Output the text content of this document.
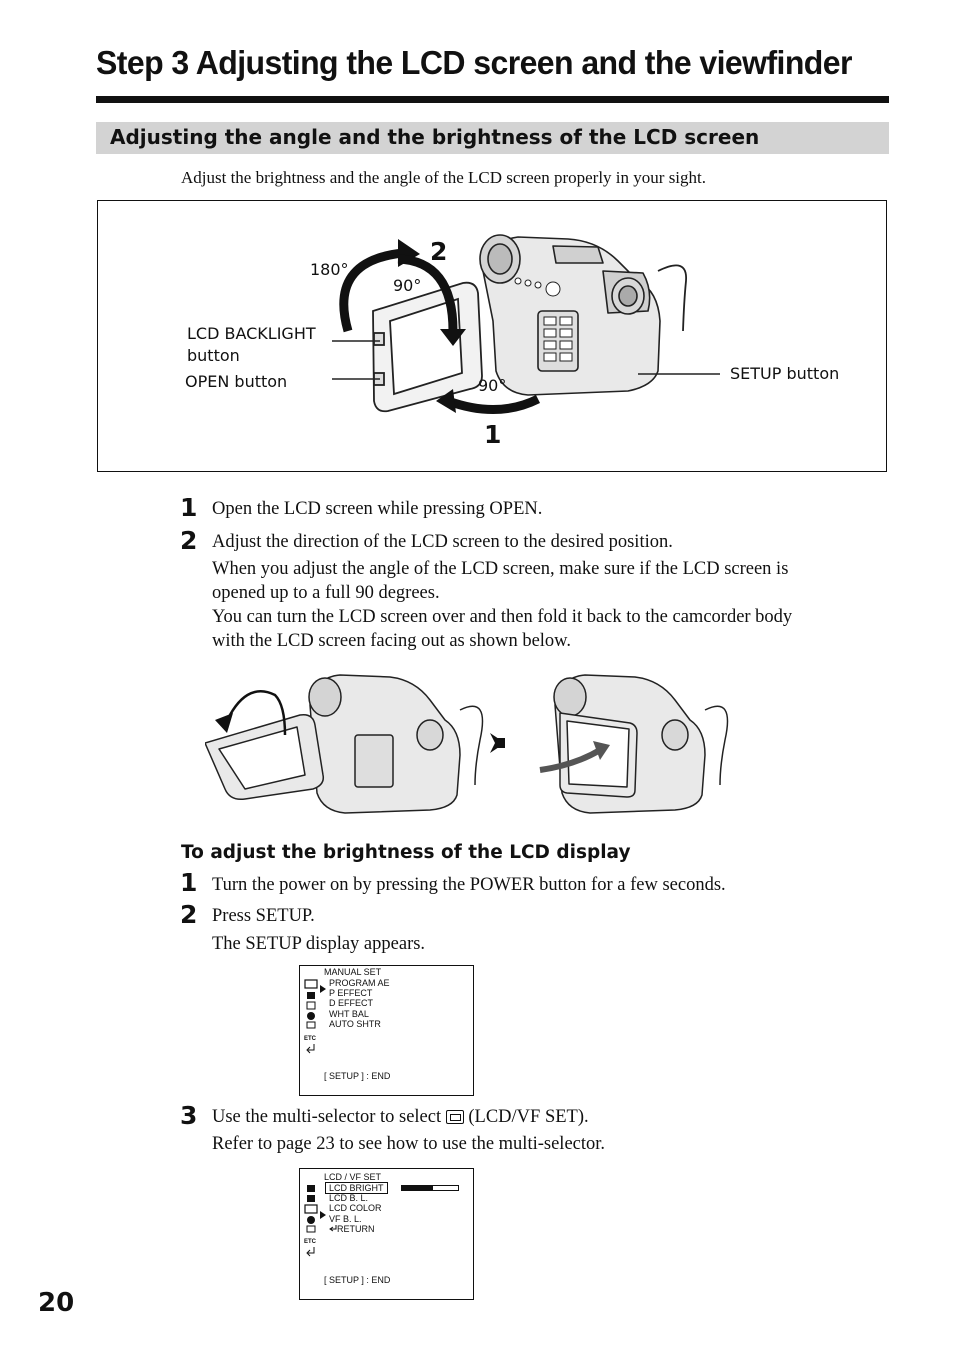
Step 3 Adjusting the LCD screen and the viewfinder
Adjusting the angle and the brightness of the LCD screen
Adjust the brightness and the angle of the LCD screen properly in your sight.
180°
90°
90°
2
1
LCD BACKLIGHT
button
OPEN button	SETUP button
1 Open the LCD screen while pressing OPEN.
2 Adjust the direction of the LCD screen to the desired position.
When you adjust the angle of the LCD screen, make sure if the LCD screen is
opened up to a full 90 degrees.
You can turn the LCD screen over and then fold it back to the camcorder body
with the LCD screen facing out as shown below.
To adjust the brightness of the LCD display
1 Turn the power on by pressing the POWER button for a few seconds.
2 Press SETUP.
The SETUP display appears.
MANUAL SET
ETC
PROGRAM AE
P EFFECT
D EFFECT
WHT BAL
AUTO SHTR
[ SETUP ] : END
3 Use the multi-selector to select  (LCD/VF SET).
Refer to page 23 to see how to use the multi-selector.
LCD / VF SET
ETC
LCD BRIGHT
LCD B. L.
LCD COLOR
VF B. L.
RETURN
[ SETUP ] : END
20
